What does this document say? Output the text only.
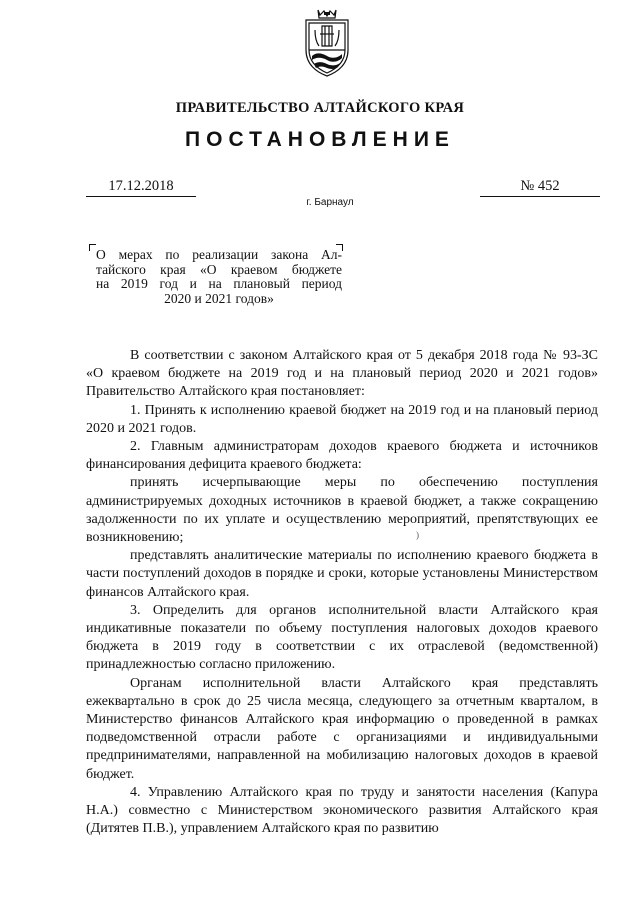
ПРАВИТЕЛЬСТВО АЛТАЙСКОГО КРАЯ
ПОСТАНОВЛЕНИЕ
17.12.2018	№ 452
г. Барнаул
О мерах по реализации закона Ал-
тайского края «О краевом бюджете
на 2019 год и на плановый период
2020 и 2021 годов»

В соответствии с законом Алтайского края от 5 декабря 2018 года № 93-ЗС «О краевом бюджете на 2019 год и на плановый период 2020 и 2021 годов» Правительство Алтайского края постановляет:

1. Принять к исполнению краевой бюджет на 2019 год и на плановый период 2020 и 2021 годов.

2. Главным администраторам доходов краевого бюджета и источников финансирования дефицита краевого бюджета:

принять исчерпывающие меры по обеспечению поступления администрируемых доходных источников в краевой бюджет, а также сокращению задолженности по их уплате и осуществлению мероприятий, препятствующих ее возникновению;

представлять аналитические материалы по исполнению краевого бюджета в части поступлений доходов в порядке и сроки, которые установлены Министерством финансов Алтайского края.

3. Определить для органов исполнительной власти Алтайского края индикативные показатели по объему поступления налоговых доходов краевого бюджета в 2019 году в соответствии с их отраслевой (ведомственной) принадлежностью согласно приложению.

Органам исполнительной власти Алтайского края представлять ежеквартально в срок до 25 числа месяца, следующего за отчетным кварталом, в Министерство финансов Алтайского края информацию о проведенной в рамках подведомственной отрасли работе с организациями и индивидуальными предпринимателями, направленной на мобилизацию налоговых доходов в краевой бюджет.

4. Управлению Алтайского края по труду и занятости населения (Капура Н.А.) совместно с Министерством экономического развития Алтайского края (Дитятев П.В.), управлением Алтайского края по развитию

)
